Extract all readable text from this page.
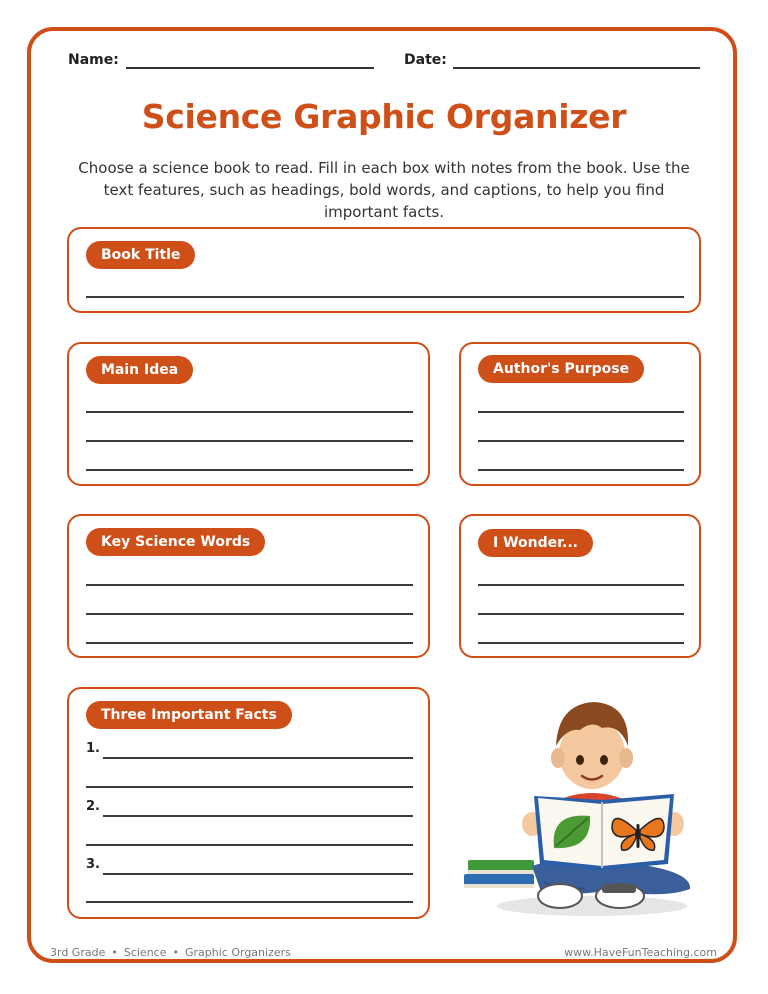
Name:	Date:
Science Graphic Organizer
Choose a science book to read. Fill in each box with notes from the book. Use the text features, such as headings, bold words, and captions, to help you find important facts.
Book Title
Main Idea	Author's Purpose
Key Science Words	I Wonder...
Three Important Facts
1.
2.
3.
3rd Grade • Science • Graphic Organizers	www.HaveFunTeaching.com
